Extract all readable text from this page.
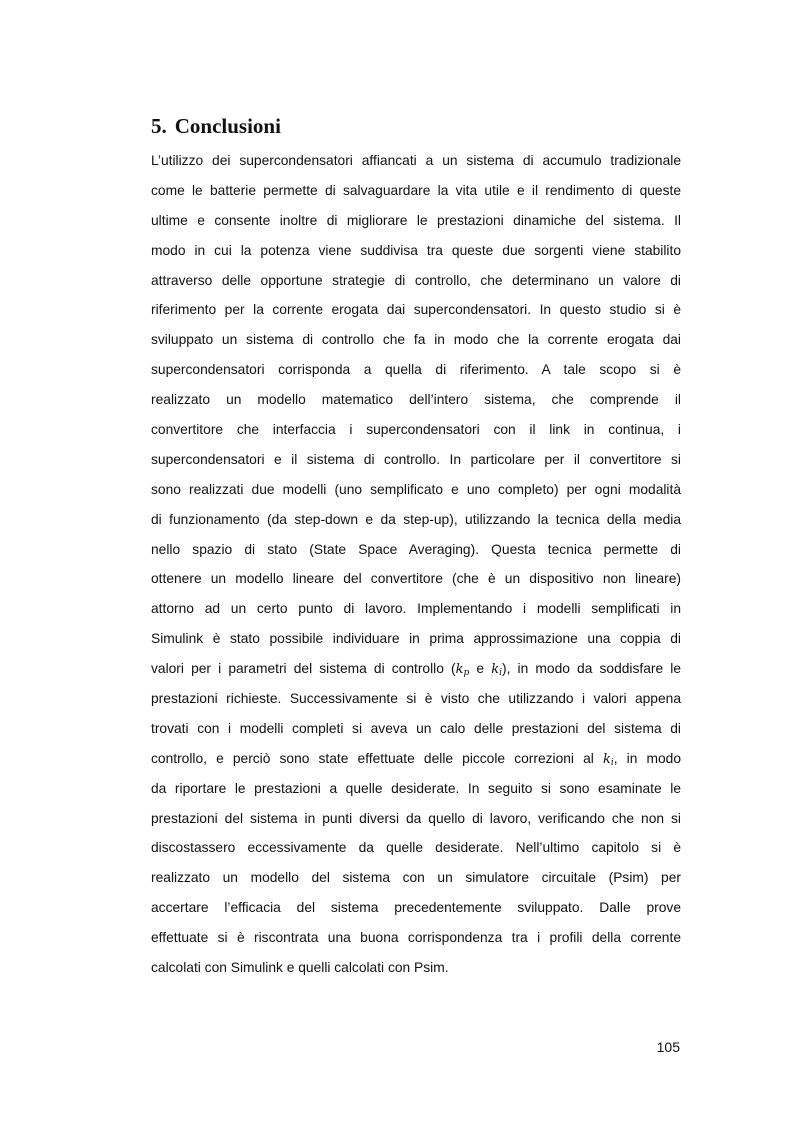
5. Conclusioni
L’utilizzo dei supercondensatori affiancati a un sistema di accumulo tradizionale
come le batterie permette di salvaguardare la vita utile e il rendimento di queste
ultime e consente inoltre di migliorare le prestazioni dinamiche del sistema. Il
modo in cui la potenza viene suddivisa tra queste due sorgenti viene stabilito
attraverso delle opportune strategie di controllo, che determinano un valore di
riferimento per la corrente erogata dai supercondensatori. In questo studio si è
sviluppato un sistema di controllo che fa in modo che la corrente erogata dai
supercondensatori corrisponda a quella di riferimento. A tale scopo si è
realizzato un modello matematico dell’intero sistema, che comprende il
convertitore che interfaccia i supercondensatori con il link in continua, i
supercondensatori e il sistema di controllo. In particolare per il convertitore si
sono realizzati due modelli (uno semplificato e uno completo) per ogni modalità
di funzionamento (da step-down e da step-up), utilizzando la tecnica della media
nello spazio di stato (State Space Averaging). Questa tecnica permette di
ottenere un modello lineare del convertitore (che è un dispositivo non lineare)
attorno ad un certo punto di lavoro. Implementando i modelli semplificati in
Simulink è stato possibile individuare in prima approssimazione una coppia di
valori per i parametri del sistema di controllo ($k_p$ e $k_i$), in modo da soddisfare le
prestazioni richieste. Successivamente si è visto che utilizzando i valori appena
trovati con i modelli completi si aveva un calo delle prestazioni del sistema di
controllo, e perciò sono state effettuate delle piccole correzioni al $k_i$, in modo
da riportare le prestazioni a quelle desiderate. In seguito si sono esaminate le
prestazioni del sistema in punti diversi da quello di lavoro, verificando che non si
discostassero eccessivamente da quelle desiderate. Nell’ultimo capitolo si è
realizzato un modello del sistema con un simulatore circuitale (Psim) per
accertare l’efficacia del sistema precedentemente sviluppato. Dalle prove
effettuate si è riscontrata una buona corrispondenza tra i profili della corrente
calcolati con Simulink e quelli calcolati con Psim.
105
